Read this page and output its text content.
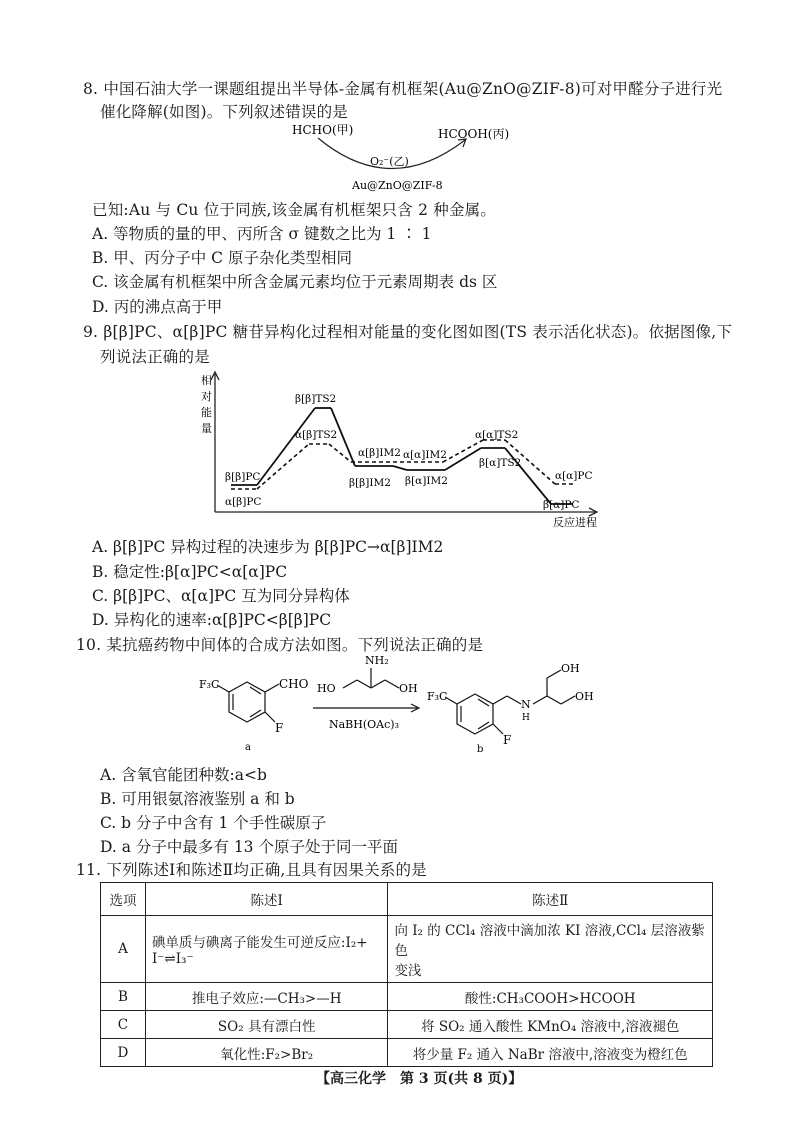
8. 中国石油大学一课题组提出半导体-金属有机框架(Au@ZnO@ZIF-8)可对甲醛分子进行光
催化降解(如图)。下列叙述错误的是
HCHO(甲)	HCOOH(丙)
O₂⁻(乙)
Au@ZnO@ZIF-8
已知:Au 与 Cu 位于同族,该金属有机框架只含 2 种金属。
A. 等物质的量的甲、丙所含 σ 键数之比为 1 ∶ 1
B. 甲、丙分子中 C 原子杂化类型相同
C. 该金属有机框架中所含金属元素均位于元素周期表 ds 区
D. 丙的沸点高于甲
9. β[β]PC、α[β]PC 糖苷异构化过程相对能量的变化图如图(TS 表示活化状态)。依据图像,下
列说法正确的是
相
对
能
量
反应进程
β[β]PC
α[β]PC
β[β]TS2
α[β]TS2
α[β]IM2 α[α]IM2
β[β]IM2 β[α]IM2
α[α]TS2
β[α]TS2
α[α]PC
β[α]PC
A. β[β]PC 异构过程的决速步为 β[β]PC→α[β]IM2
B. 稳定性:β[α]PC<α[α]PC
C. β[β]PC、α[α]PC 互为同分异构体
D. 异构化的速率:α[β]PC<β[β]PC
10. 某抗癌药物中间体的合成方法如图。下列说法正确的是
F₃C	CHO
F
a
NH₂
HO	OH
NaBH(OAc)₃
F₃C
N
H
OH
OH
F
b
A. 含氧官能团种数:a<b
B. 可用银氨溶液鉴别 a 和 b
C. b 分子中含有 1 个手性碳原子
D. a 分子中最多有 13 个原子处于同一平面
11. 下列陈述Ⅰ和陈述Ⅱ均正确,且具有因果关系的是
选项	陈述Ⅰ	陈述Ⅱ
A	碘单质与碘离子能发生可逆反应:I₂+
I⁻⇌I₃⁻	向 I₂ 的 CCl₄ 溶液中滴加浓 KI 溶液,CCl₄ 层溶液紫色
变浅
B	推电子效应:—CH₃>—H	酸性:CH₃COOH>HCOOH
C	SO₂ 具有漂白性	将 SO₂ 通入酸性 KMnO₄ 溶液中,溶液褪色
D	氧化性:F₂>Br₂	将少量 F₂ 通入 NaBr 溶液中,溶液变为橙红色
【高三化学　第 3 页(共 8 页)】
